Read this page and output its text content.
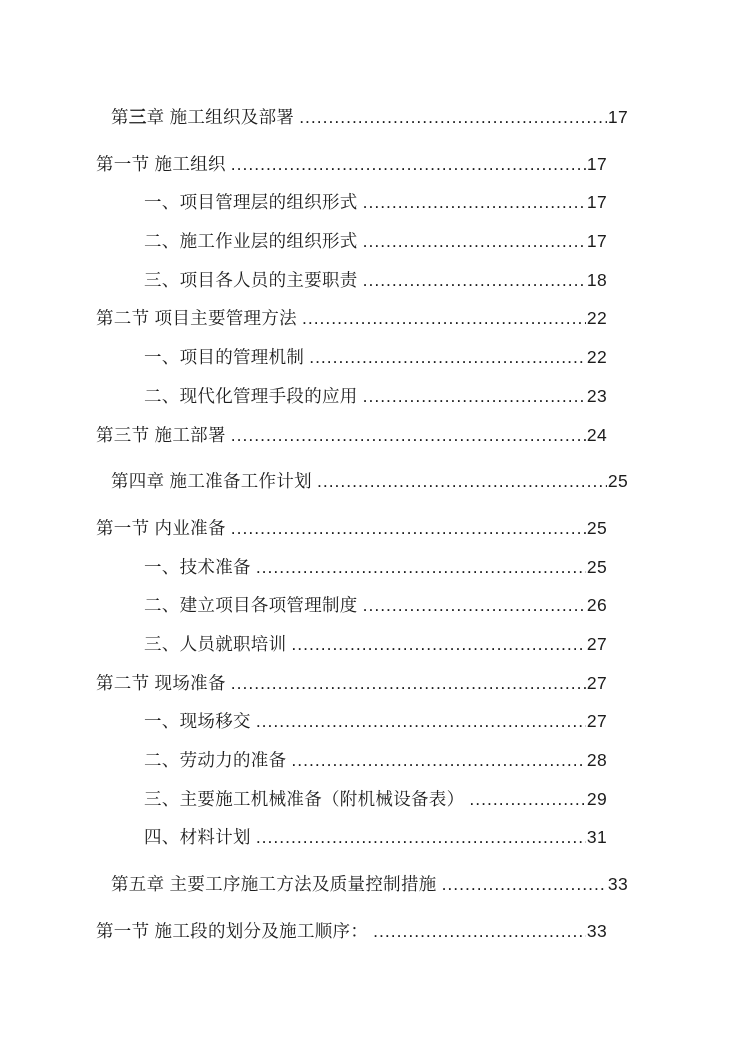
第三章 施工组织及部署 .....	17
第一节 施工组织 .....	17
一、项目管理层的组织形式 .....	17
二、施工作业层的组织形式 .....	17
三、项目各人员的主要职责 .....	18
第二节 项目主要管理方法 .....	22
一、项目的管理机制 .....	22
二、现代化管理手段的应用 .....	23
第三节 施工部署 .....	24
第四章 施工准备工作计划 .....	25
第一节 内业准备 .....	25
一、技术准备 .....	25
二、建立项目各项管理制度 .....	26
三、人员就职培训 .....	27
第二节 现场准备 .....	27
一、现场移交 .....	27
二、劳动力的准备 .....	28
三、主要施工机械准备（附机械设备表） .....	29
四、材料计划 .....	31
第五章 主要工序施工方法及质量控制措施 .....	33
第一节 施工段的划分及施工顺序： .....	33
